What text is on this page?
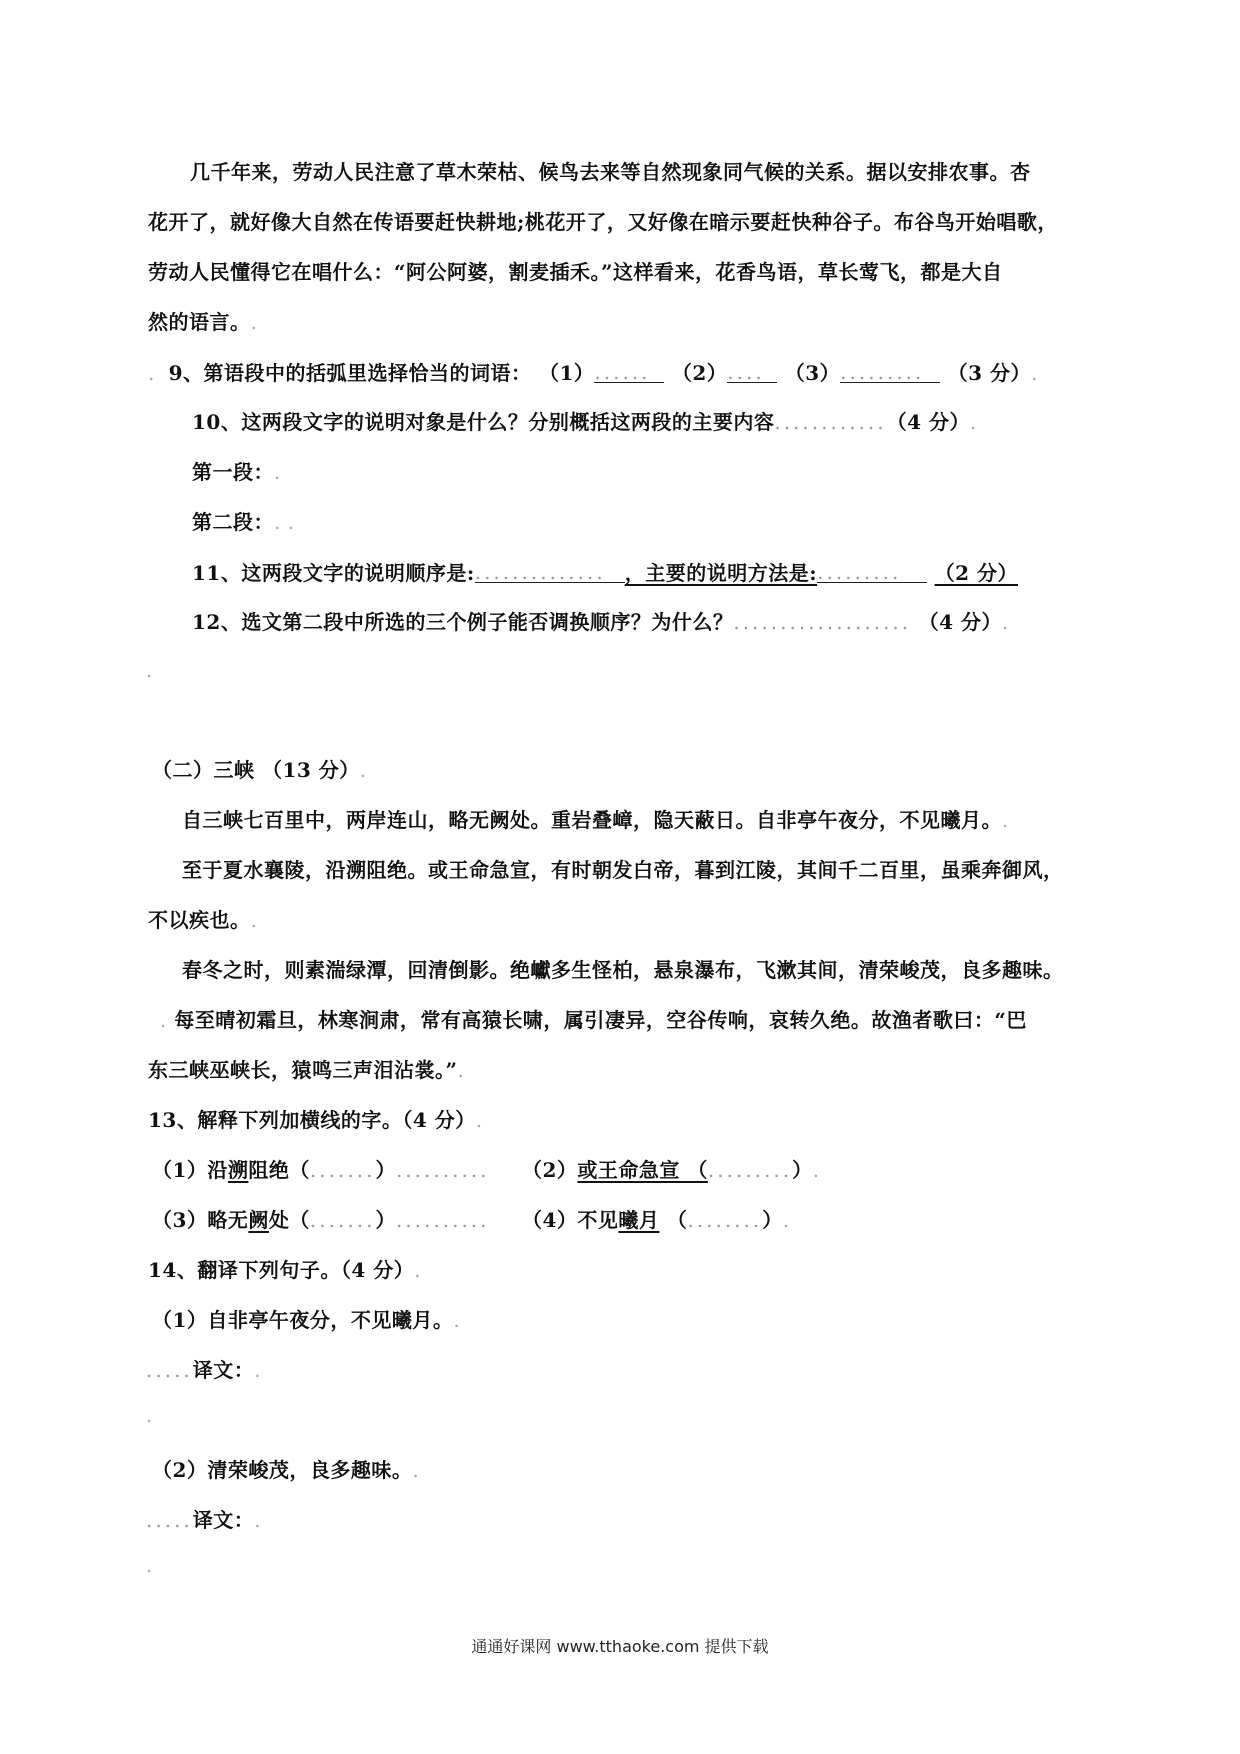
几千年来，劳动人民注意了草木荣枯、候鸟去来等自然现象同气候的关系。据以安排农事。杏
花开了，就好像大自然在传语要赶快耕地;桃花开了，又好像在暗示要赶快种谷子。布谷鸟开始唱歌，
劳动人民懂得它在唱什么：“阿公阿婆，割麦插禾。”这样看来，花香鸟语，草长莺飞，都是大自
然的语言。.
.  9、第语段中的括弧里选择恰当的词语： （1）...... （2）.... （3）......... （3 分）.
10、这两段文字的说明对象是什么？分别概括这两段的主要内容............（4 分）.
第一段：.
第二段：. .
11、这两段文字的说明顺序是:.............. ，主要的说明方法是:......... （2 分）
12、选文第二段中所选的三个例子能否调换顺序？为什么？................... （4 分）.
.
（二）三峡 （13 分）.
自三峡七百里中，两岸连山，略无阙处。重岩叠嶂，隐天蔽日。自非亭午夜分，不见曦月。.
至于夏水襄陵，沿溯阻绝。或王命急宣，有时朝发白帝，暮到江陵，其间千二百里，虽乘奔御风，
不以疾也。.
春冬之时，则素湍绿潭，回清倒影。绝巘多生怪柏，悬泉瀑布，飞漱其间，清荣峻茂，良多趣味。
. 每至晴初霜旦，林寒涧肃，常有高猿长啸，属引凄异，空谷传响，哀转久绝。故渔者歌曰：“巴
东三峡巫峡长，猿鸣三声泪沾裳。”.
13、解释下列加横线的字。（4 分）.
（1）沿溯阻绝（.......）.......... （2）或王命急宣 （.........）.
（3）略无阙处（.......）.......... （4）不见曦月 （........）.
14、翻译下列句子。（4 分）.
（1）自非亭午夜分，不见曦月。.
.....译文：.
.
（2）清荣峻茂，良多趣味。.
.....译文：.
.
通通好课网 www.tthaoke.com 提供下载
